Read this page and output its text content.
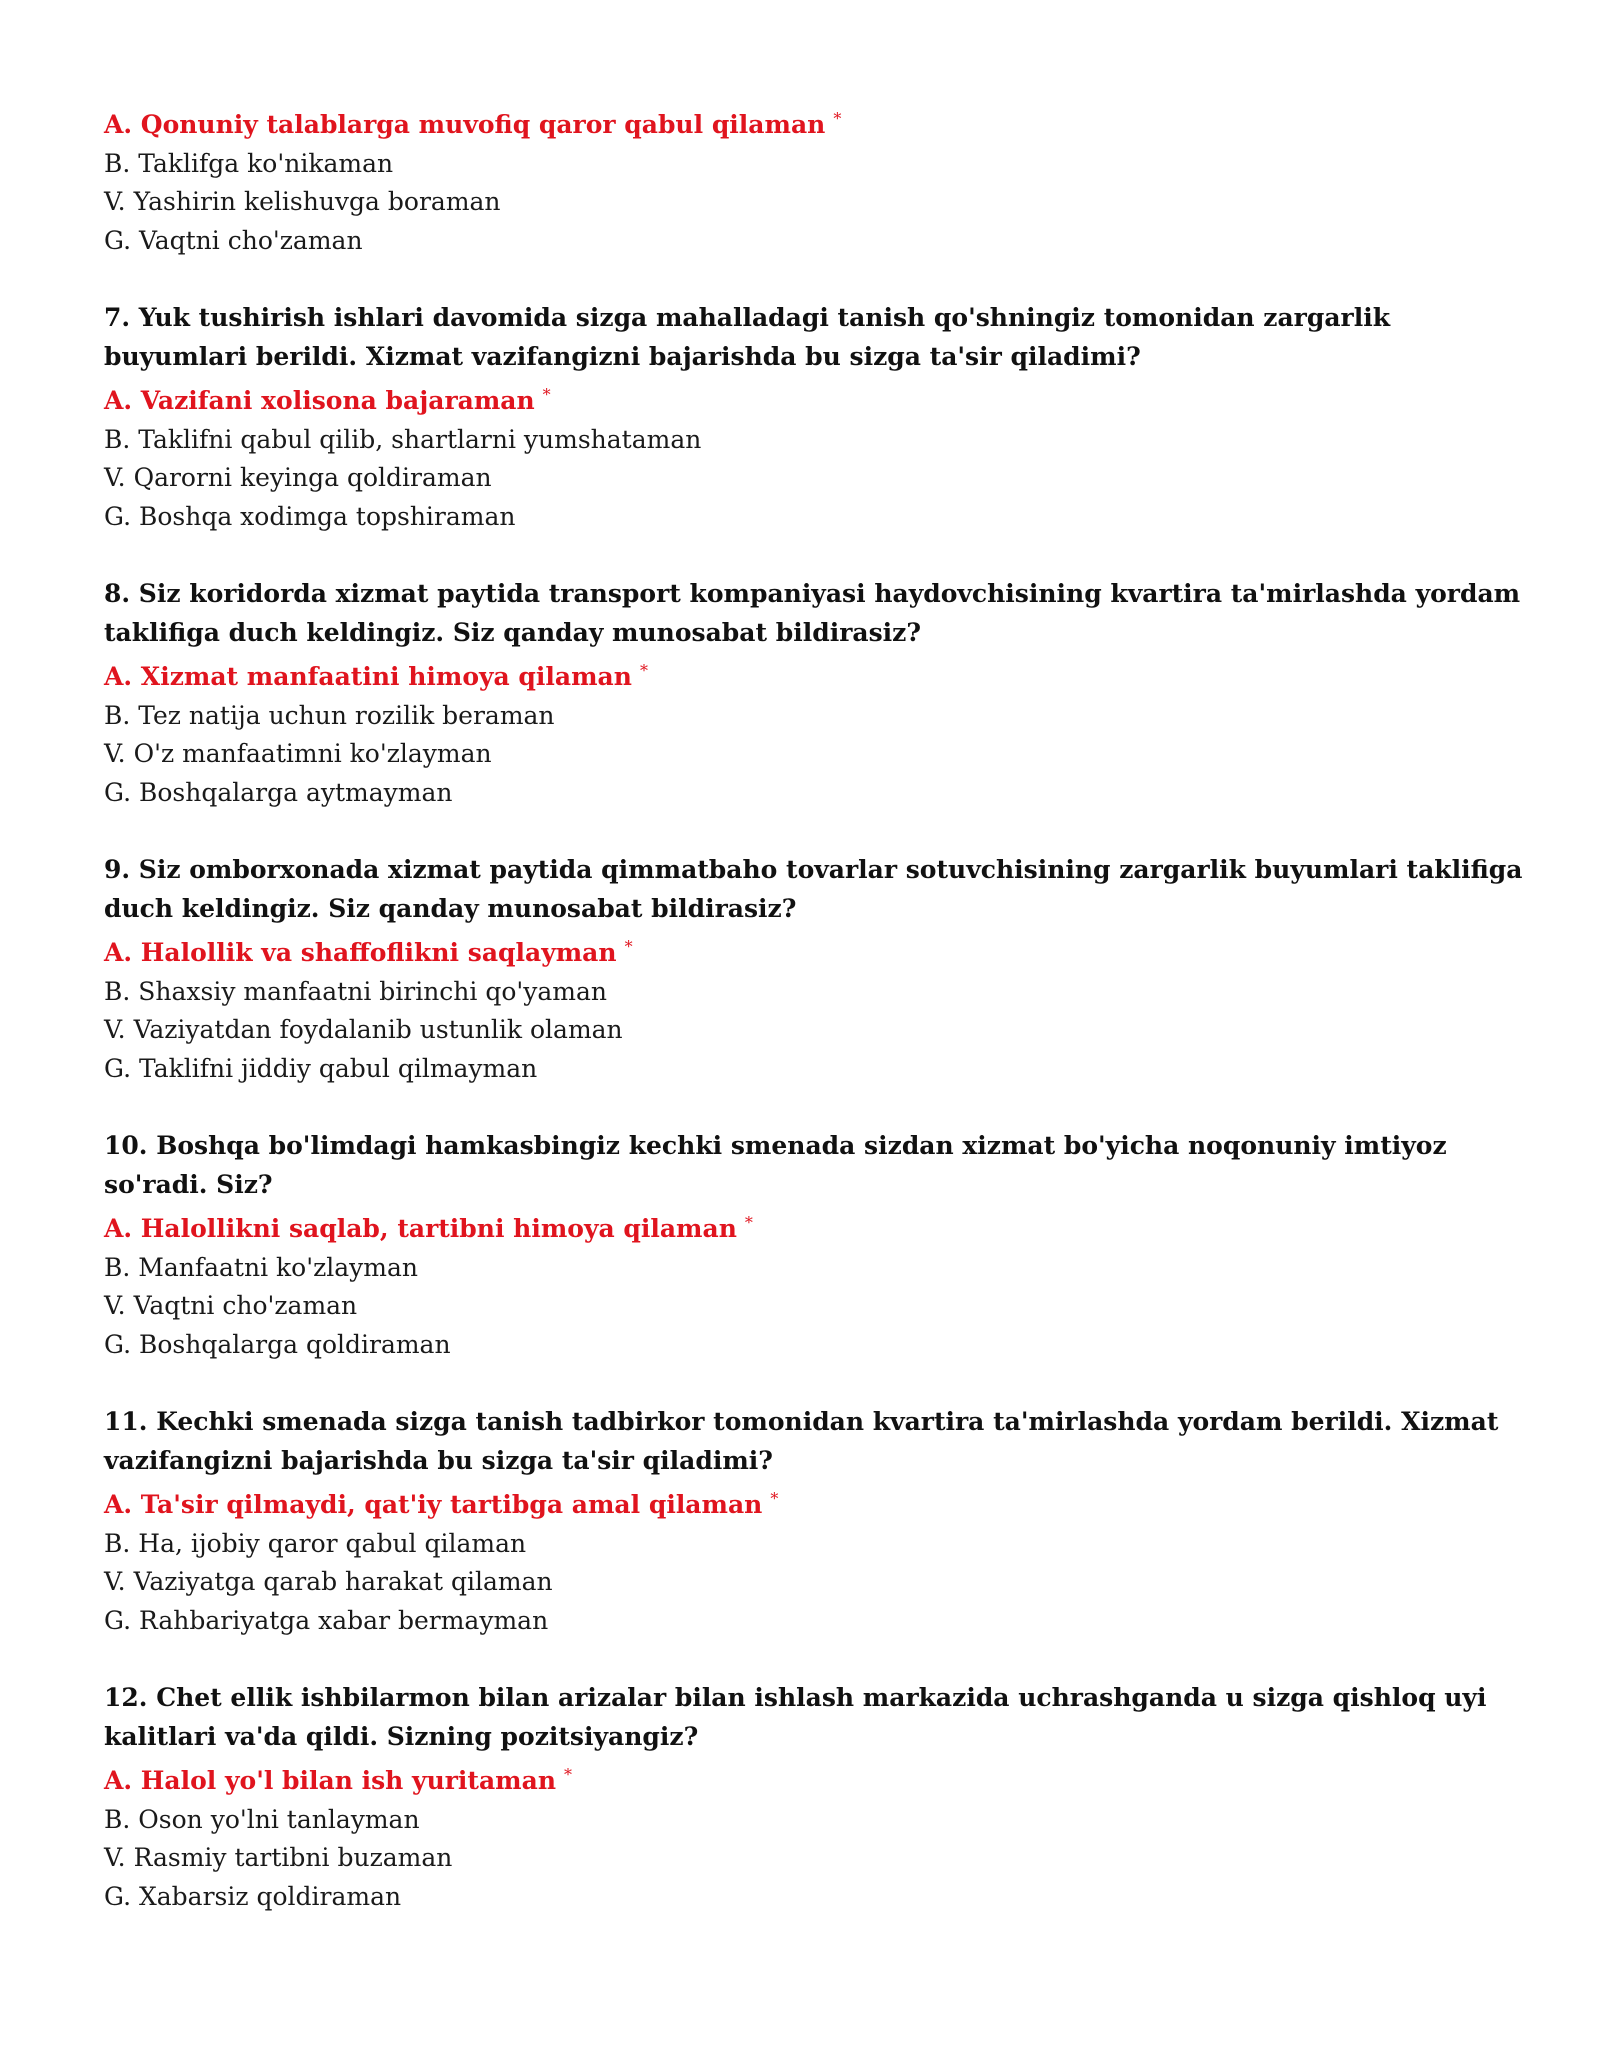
A. Qonuniy talablarga muvofiq qaror qabul qilaman *
B. Taklifga ko'nikaman
V. Yashirin kelishuvga boraman
G. Vaqtni cho'zaman
7. Yuk tushirish ishlari davomida sizga mahalladagi tanish qo'shningiz tomonidan zargarlik buyumlari berildi. Xizmat vazifangizni bajarishda bu sizga ta'sir qiladimi?
A. Vazifani xolisona bajaraman *
B. Taklifni qabul qilib, shartlarni yumshataman
V. Qarorni keyinga qoldiraman
G. Boshqa xodimga topshiraman
8. Siz koridorda xizmat paytida transport kompaniyasi haydovchisining kvartira ta'mirlashda yordam taklifiga duch keldingiz. Siz qanday munosabat bildirasiz?
A. Xizmat manfaatini himoya qilaman *
B. Tez natija uchun rozilik beraman
V. O'z manfaatimni ko'zlayman
G. Boshqalarga aytmayman
9. Siz omborxonada xizmat paytida qimmatbaho tovarlar sotuvchisining zargarlik buyumlari taklifiga duch keldingiz. Siz qanday munosabat bildirasiz?
A. Halollik va shaffoflikni saqlayman *
B. Shaxsiy manfaatni birinchi qo'yaman
V. Vaziyatdan foydalanib ustunlik olaman
G. Taklifni jiddiy qabul qilmayman
10. Boshqa bo'limdagi hamkasbingiz kechki smenada sizdan xizmat bo'yicha noqonuniy imtiyoz so'radi. Siz?
A. Halollikni saqlab, tartibni himoya qilaman *
B. Manfaatni ko'zlayman
V. Vaqtni cho'zaman
G. Boshqalarga qoldiraman
11. Kechki smenada sizga tanish tadbirkor tomonidan kvartira ta'mirlashda yordam berildi. Xizmat vazifangizni bajarishda bu sizga ta'sir qiladimi?
A. Ta'sir qilmaydi, qat'iy tartibga amal qilaman *
B. Ha, ijobiy qaror qabul qilaman
V. Vaziyatga qarab harakat qilaman
G. Rahbariyatga xabar bermayman
12. Chet ellik ishbilarmon bilan arizalar bilan ishlash markazida uchrashganda u sizga qishloq uyi kalitlari va'da qildi. Sizning pozitsiyangiz?
A. Halol yo'l bilan ish yuritaman *
B. Oson yo'lni tanlayman
V. Rasmiy tartibni buzaman
G. Xabarsiz qoldiraman
